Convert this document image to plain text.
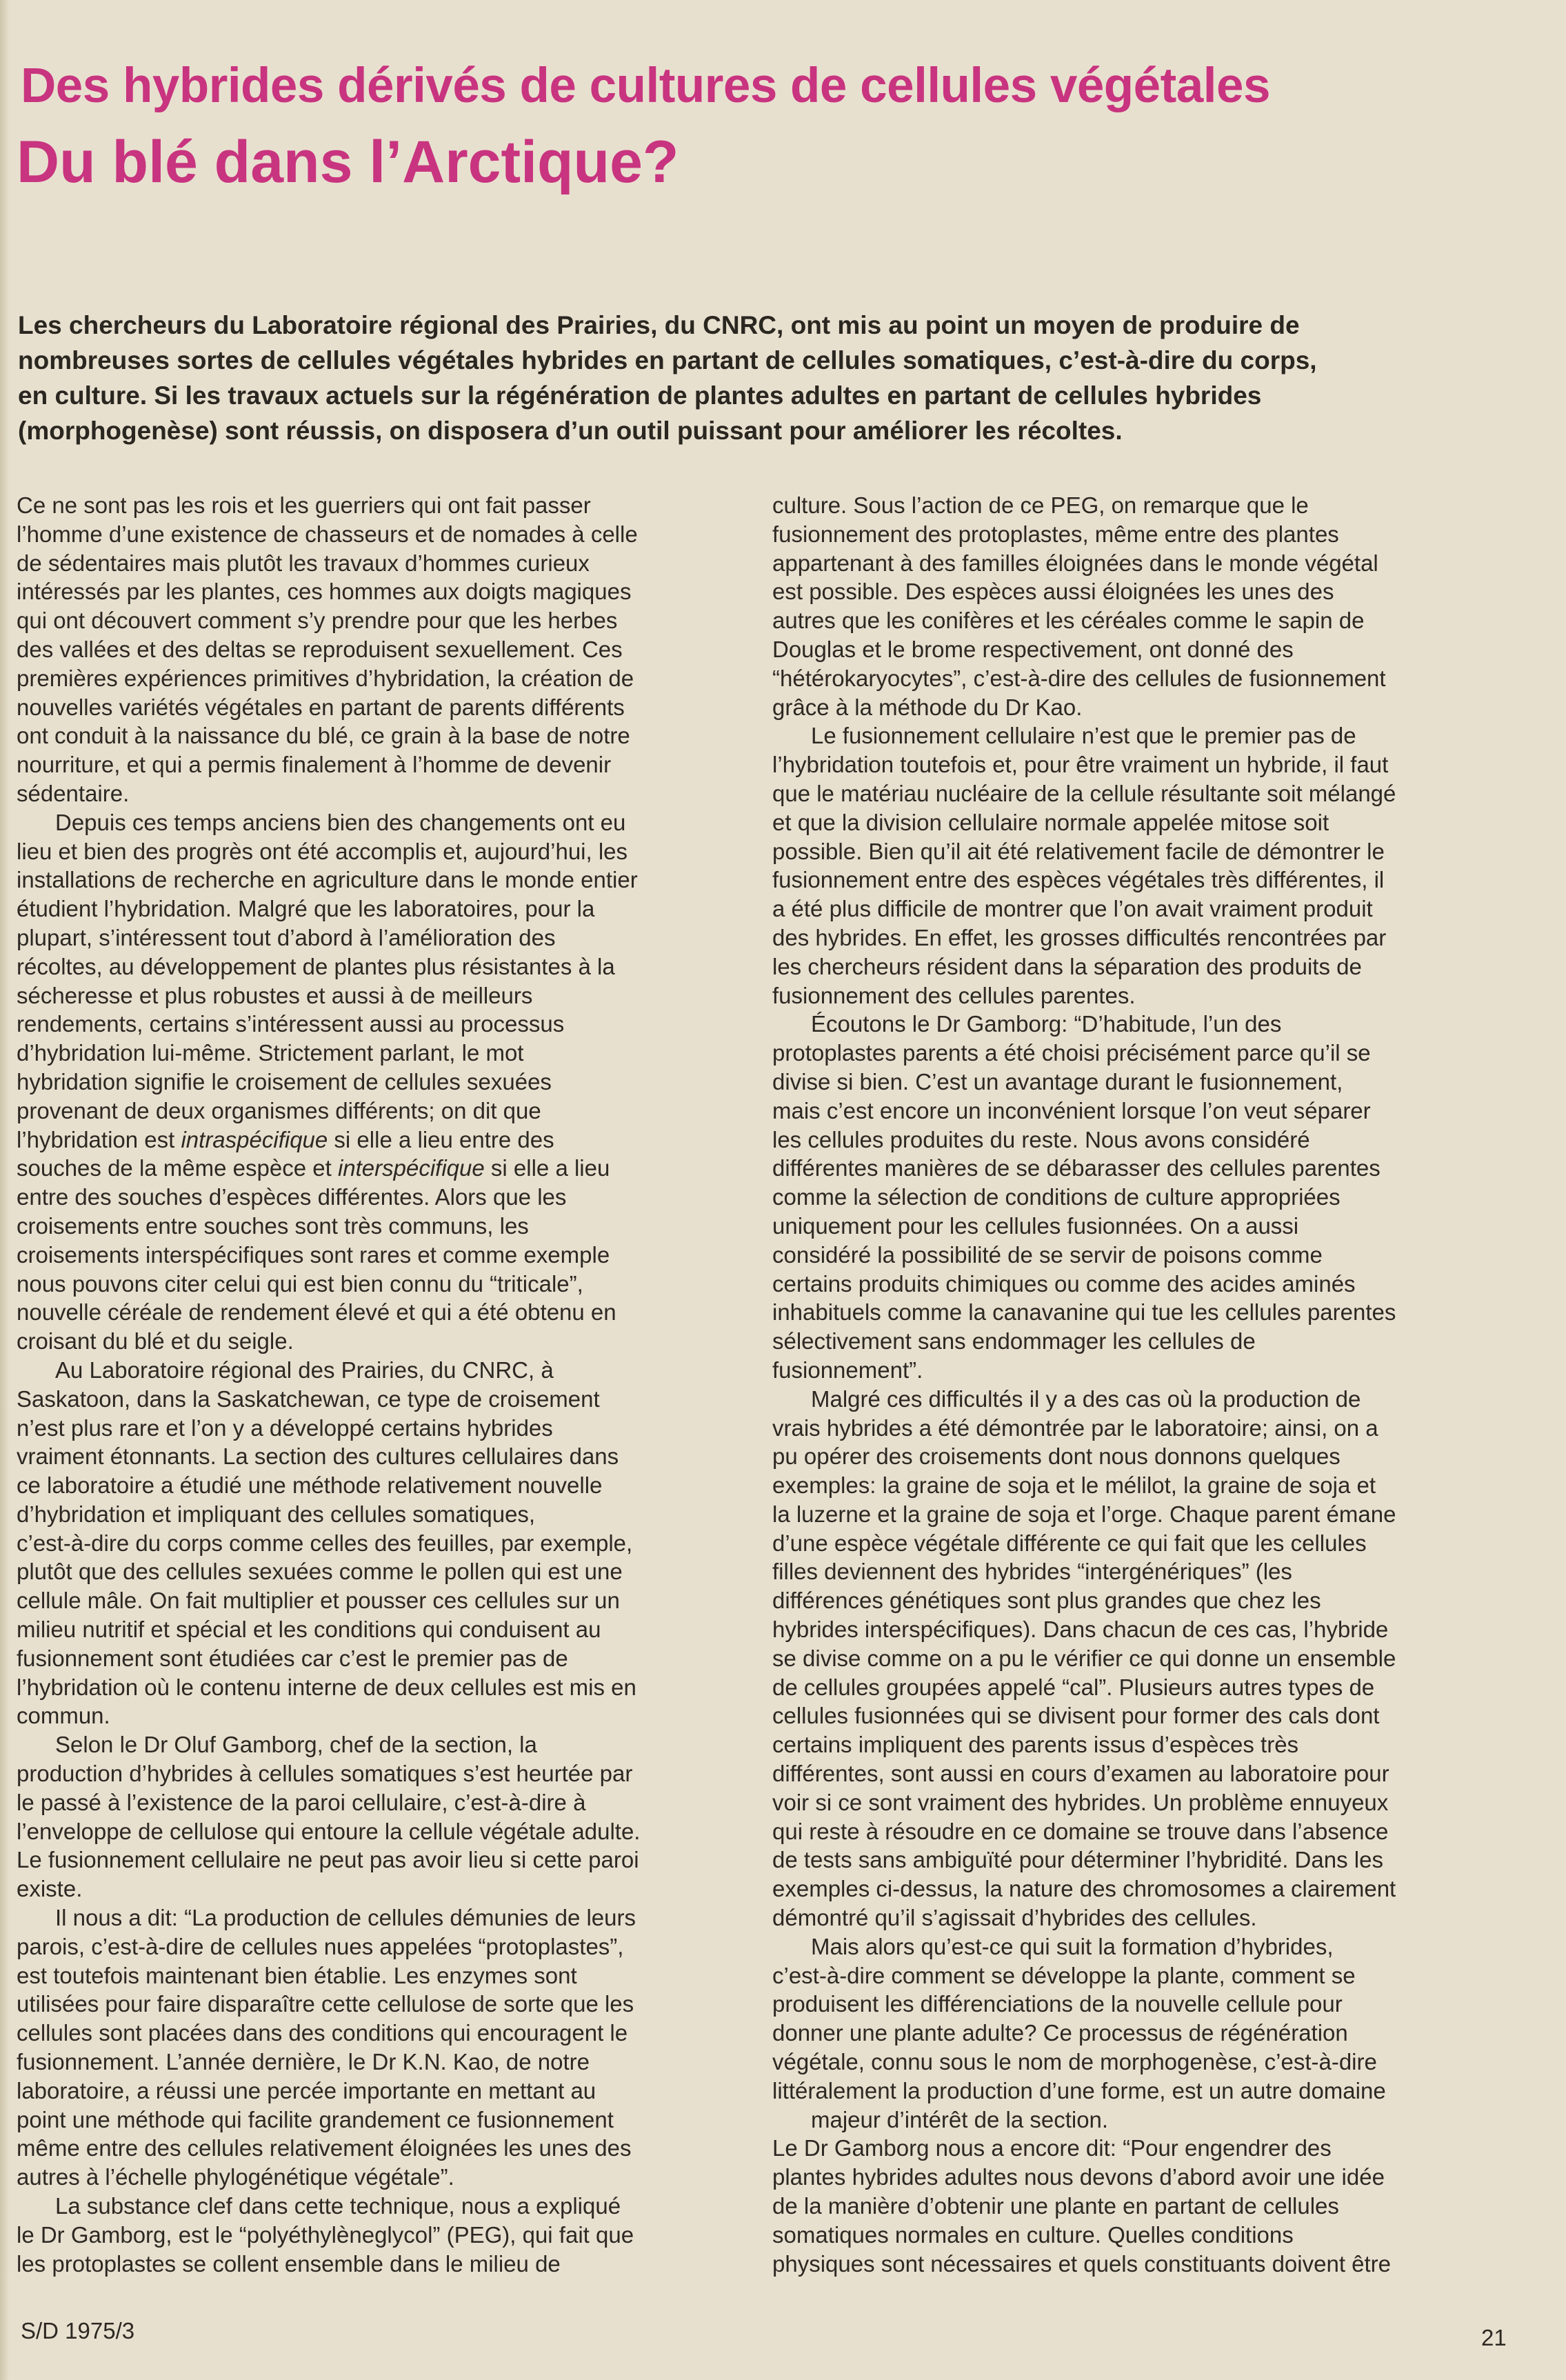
Des hybrides dérivés de cultures de cellules végétales
Du blé dans l’Arctique?
Les chercheurs du Laboratoire régional des Prairies, du CNRC, ont mis au point un moyen de produire de
nombreuses sortes de cellules végétales hybrides en partant de cellules somatiques, c’est-à-dire du corps,
en culture. Si les travaux actuels sur la régénération de plantes adultes en partant de cellules hybrides
(morphogenèse) sont réussis, on disposera d’un outil puissant pour améliorer les récoltes.
Ce ne sont pas les rois et les guerriers qui ont fait passer
l’homme d’une existence de chasseurs et de nomades à celle
de sédentaires mais plutôt les travaux d’hommes curieux
intéressés par les plantes, ces hommes aux doigts magiques
qui ont découvert comment s’y prendre pour que les herbes
des vallées et des deltas se reproduisent sexuellement. Ces
premières expériences primitives d’hybridation, la création de
nouvelles variétés végétales en partant de parents différents
ont conduit à la naissance du blé, ce grain à la base de notre
nourriture, et qui a permis finalement à l’homme de devenir
sédentaire.
Depuis ces temps anciens bien des changements ont eu
lieu et bien des progrès ont été accomplis et, aujourd’hui, les
installations de recherche en agriculture dans le monde entier
étudient l’hybridation. Malgré que les laboratoires, pour la
plupart, s’intéressent tout d’abord à l’amélioration des
récoltes, au développement de plantes plus résistantes à la
sécheresse et plus robustes et aussi à de meilleurs
rendements, certains s’intéressent aussi au processus
d’hybridation lui-même. Strictement parlant, le mot
hybridation signifie le croisement de cellules sexuées
provenant de deux organismes différents; on dit que
l’hybridation est intraspécifique si elle a lieu entre des
souches de la même espèce et interspécifique si elle a lieu
entre des souches d’espèces différentes. Alors que les
croisements entre souches sont très communs, les
croisements interspécifiques sont rares et comme exemple
nous pouvons citer celui qui est bien connu du “triticale”,
nouvelle céréale de rendement élevé et qui a été obtenu en
croisant du blé et du seigle.
Au Laboratoire régional des Prairies, du CNRC, à
Saskatoon, dans la Saskatchewan, ce type de croisement
n’est plus rare et l’on y a développé certains hybrides
vraiment étonnants. La section des cultures cellulaires dans
ce laboratoire a étudié une méthode relativement nouvelle
d’hybridation et impliquant des cellules somatiques,
c’est-à-dire du corps comme celles des feuilles, par exemple,
plutôt que des cellules sexuées comme le pollen qui est une
cellule mâle. On fait multiplier et pousser ces cellules sur un
milieu nutritif et spécial et les conditions qui conduisent au
fusionnement sont étudiées car c’est le premier pas de
l’hybridation où le contenu interne de deux cellules est mis en
commun.
Selon le Dr Oluf Gamborg, chef de la section, la
production d’hybrides à cellules somatiques s’est heurtée par
le passé à l’existence de la paroi cellulaire, c’est-à-dire à
l’enveloppe de cellulose qui entoure la cellule végétale adulte.
Le fusionnement cellulaire ne peut pas avoir lieu si cette paroi
existe.
Il nous a dit: “La production de cellules démunies de leurs
parois, c’est-à-dire de cellules nues appelées “protoplastes”,
est toutefois maintenant bien établie. Les enzymes sont
utilisées pour faire disparaître cette cellulose de sorte que les
cellules sont placées dans des conditions qui encouragent le
fusionnement. L’année dernière, le Dr K.N. Kao, de notre
laboratoire, a réussi une percée importante en mettant au
point une méthode qui facilite grandement ce fusionnement
même entre des cellules relativement éloignées les unes des
autres à l’échelle phylogénétique végétale”.
La substance clef dans cette technique, nous a expliqué
le Dr Gamborg, est le “polyéthylèneglycol” (PEG), qui fait que
les protoplastes se collent ensemble dans le milieu de
culture. Sous l’action de ce PEG, on remarque que le
fusionnement des protoplastes, même entre des plantes
appartenant à des familles éloignées dans le monde végétal
est possible. Des espèces aussi éloignées les unes des
autres que les conifères et les céréales comme le sapin de
Douglas et le brome respectivement, ont donné des
“hétérokaryocytes”, c’est-à-dire des cellules de fusionnement
grâce à la méthode du Dr Kao.
Le fusionnement cellulaire n’est que le premier pas de
l’hybridation toutefois et, pour être vraiment un hybride, il faut
que le matériau nucléaire de la cellule résultante soit mélangé
et que la division cellulaire normale appelée mitose soit
possible. Bien qu’il ait été relativement facile de démontrer le
fusionnement entre des espèces végétales très différentes, il
a été plus difficile de montrer que l’on avait vraiment produit
des hybrides. En effet, les grosses difficultés rencontrées par
les chercheurs résident dans la séparation des produits de
fusionnement des cellules parentes.
Écoutons le Dr Gamborg: “D’habitude, l’un des
protoplastes parents a été choisi précisément parce qu’il se
divise si bien. C’est un avantage durant le fusionnement,
mais c’est encore un inconvénient lorsque l’on veut séparer
les cellules produites du reste. Nous avons considéré
différentes manières de se débarasser des cellules parentes
comme la sélection de conditions de culture appropriées
uniquement pour les cellules fusionnées. On a aussi
considéré la possibilité de se servir de poisons comme
certains produits chimiques ou comme des acides aminés
inhabituels comme la canavanine qui tue les cellules parentes
sélectivement sans endommager les cellules de
fusionnement”.
Malgré ces difficultés il y a des cas où la production de
vrais hybrides a été démontrée par le laboratoire; ainsi, on a
pu opérer des croisements dont nous donnons quelques
exemples: la graine de soja et le mélilot, la graine de soja et
la luzerne et la graine de soja et l’orge. Chaque parent émane
d’une espèce végétale différente ce qui fait que les cellules
filles deviennent des hybrides “intergénériques” (les
différences génétiques sont plus grandes que chez les
hybrides interspécifiques). Dans chacun de ces cas, l’hybride
se divise comme on a pu le vérifier ce qui donne un ensemble
de cellules groupées appelé “cal”. Plusieurs autres types de
cellules fusionnées qui se divisent pour former des cals dont
certains impliquent des parents issus d’espèces très
différentes, sont aussi en cours d’examen au laboratoire pour
voir si ce sont vraiment des hybrides. Un problème ennuyeux
qui reste à résoudre en ce domaine se trouve dans l’absence
de tests sans ambiguïté pour déterminer l’hybridité. Dans les
exemples ci-dessus, la nature des chromosomes a clairement
démontré qu’il s’agissait d’hybrides des cellules.
Mais alors qu’est-ce qui suit la formation d’hybrides,
c’est-à-dire comment se développe la plante, comment se
produisent les différenciations de la nouvelle cellule pour
donner une plante adulte? Ce processus de régénération
végétale, connu sous le nom de morphogenèse, c’est-à-dire
littéralement la production d’une forme, est un autre domaine
majeur d’intérêt de la section.
Le Dr Gamborg nous a encore dit: “Pour engendrer des
plantes hybrides adultes nous devons d’abord avoir une idée
de la manière d’obtenir une plante en partant de cellules
somatiques normales en culture. Quelles conditions
physiques sont nécessaires et quels constituants doivent être
S/D 1975/3	21
